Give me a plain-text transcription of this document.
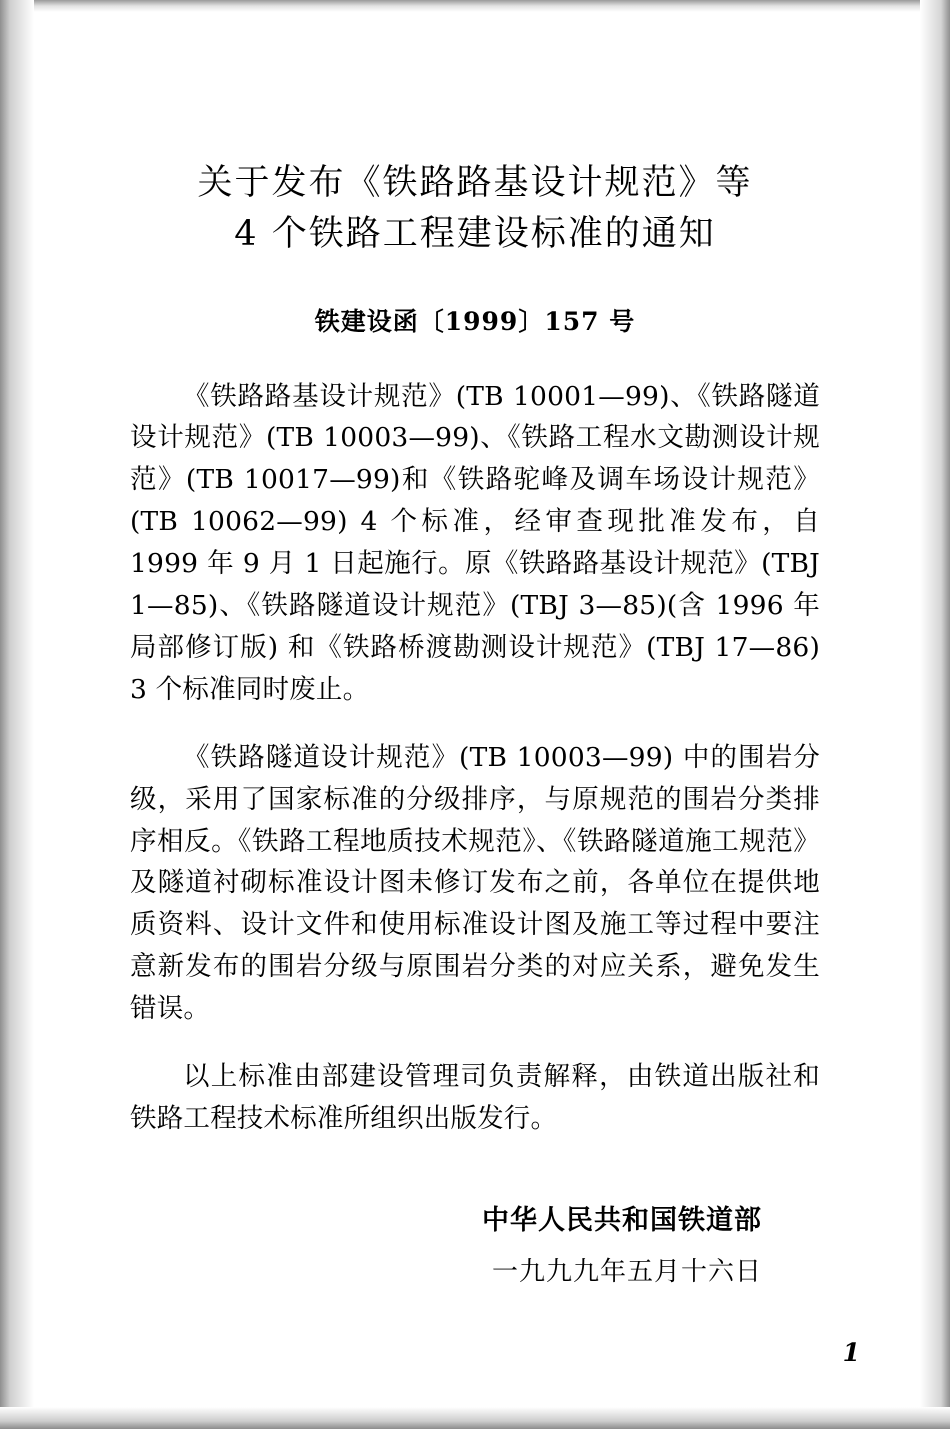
关于发布《铁路路基设计规范》等
4 个铁路工程建设标准的通知
铁建设函〔1999〕157 号

《铁路路基设计规范》(TB 10001—99)、《铁路隧道设计规范》(TB 10003—99)、《铁路工程水文勘测设计规范》(TB 10017—99)和《铁路驼峰及调车场设计规范》(TB 10062—99) 4 个标准，经审查现批准发布，自 1999 年 9 月 1 日起施行。原《铁路路基设计规范》(TBJ 1—85)、《铁路隧道设计规范》(TBJ 3—85)(含 1996 年局部修订版) 和《铁路桥渡勘测设计规范》(TBJ 17—86) 3 个标准同时废止。

《铁路隧道设计规范》(TB 10003—99) 中的围岩分级，采用了国家标准的分级排序，与原规范的围岩分类排序相反。《铁路工程地质技术规范》、《铁路隧道施工规范》及隧道衬砌标准设计图未修订发布之前，各单位在提供地质资料、设计文件和使用标准设计图及施工等过程中要注意新发布的围岩分级与原围岩分类的对应关系，避免发生错误。

以上标准由部建设管理司负责解释，由铁道出版社和铁路工程技术标准所组织出版发行。

中华人民共和国铁道部
一九九九年五月十六日
1
